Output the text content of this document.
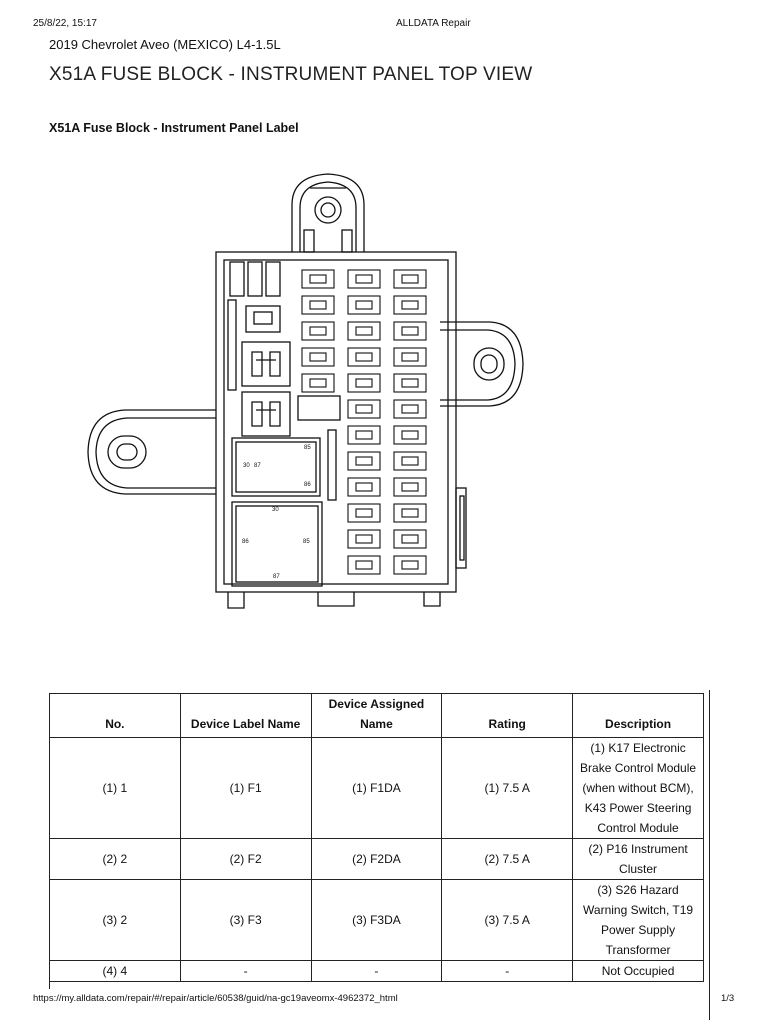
25/8/22, 15:17	ALLDATA Repair
2019 Chevrolet Aveo (MEXICO) L4-1.5L
X51A FUSE BLOCK - INSTRUMENT PANEL TOP VIEW
X51A Fuse Block - Instrument Panel Label
85
30 87
86
30
86	85
87
No.	Device Label Name	Device Assigned Name	Rating	Description
(1) 1	(1) F1	(1) F1DA	(1) 7.5 A	(1) K17 Electronic Brake Control Module (when without BCM), K43 Power Steering Control Module
(2) 2	(2) F2	(2) F2DA	(2) 7.5 A	(2) P16 Instrument Cluster
(3) 2	(3) F3	(3) F3DA	(3) 7.5 A	(3) S26 Hazard Warning Switch, T19 Power Supply Transformer
(4) 4	-	-	-	Not Occupied
https://my.alldata.com/repair/#/repair/article/60538/guid/na-gc19aveomx-4962372_html	1/3
